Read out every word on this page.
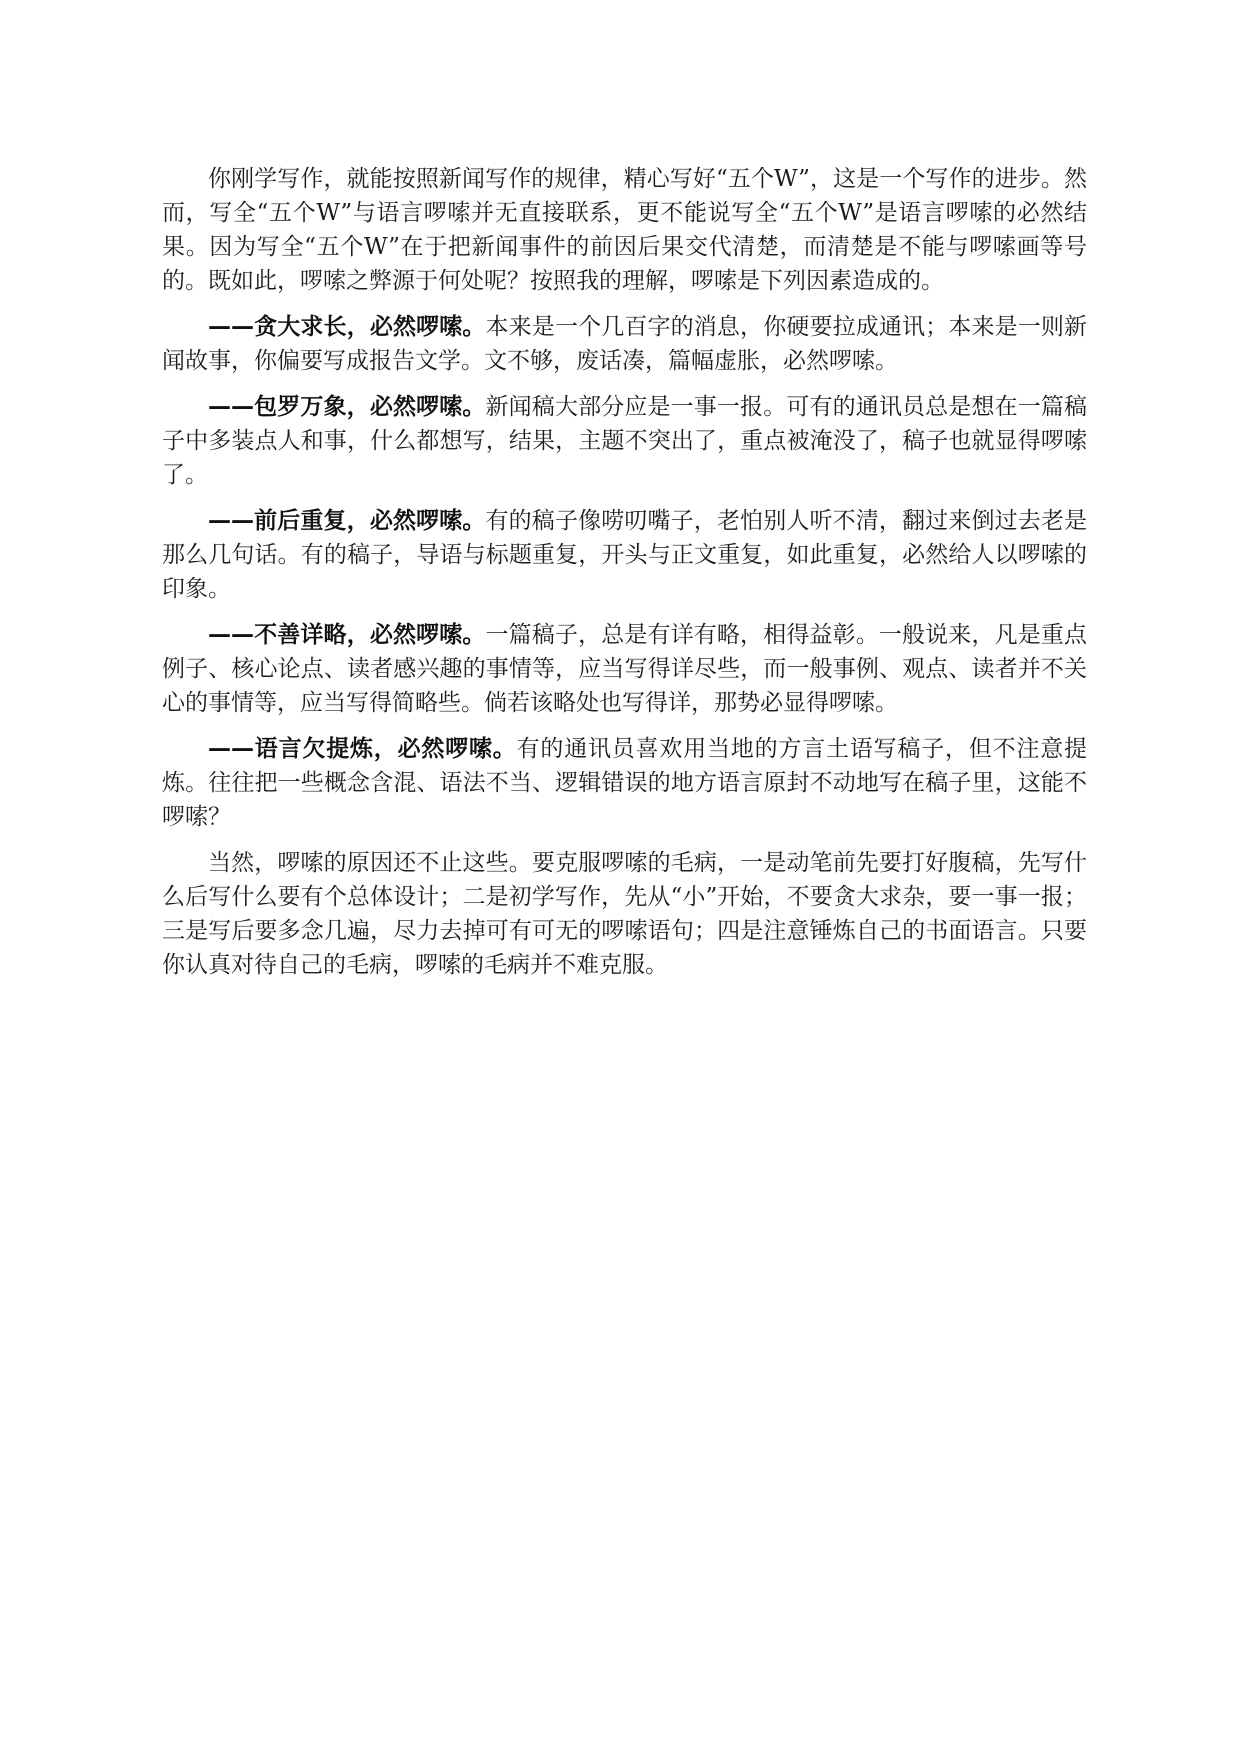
你刚学写作，就能按照新闻写作的规律，精心写好“五个W”，这是一个写作的进步。然而，写全“五个W”与语言啰嗦并无直接联系，更不能说写全“五个W”是语言啰嗦的必然结果。因为写全“五个W”在于把新闻事件的前因后果交代清楚，而清楚是不能与啰嗦画等号的。既如此，啰嗦之弊源于何处呢？按照我的理解，啰嗦是下列因素造成的。

——贪大求长，必然啰嗦。本来是一个几百字的消息，你硬要拉成通讯；本来是一则新闻故事，你偏要写成报告文学。文不够，废话凑，篇幅虚胀，必然啰嗦。

——包罗万象，必然啰嗦。新闻稿大部分应是一事一报。可有的通讯员总是想在一篇稿子中多装点人和事，什么都想写，结果，主题不突出了，重点被淹没了，稿子也就显得啰嗦了。

——前后重复，必然啰嗦。有的稿子像唠叨嘴子，老怕别人听不清，翻过来倒过去老是那么几句话。有的稿子，导语与标题重复，开头与正文重复，如此重复，必然给人以啰嗦的印象。

——不善详略，必然啰嗦。一篇稿子，总是有详有略，相得益彰。一般说来，凡是重点例子、核心论点、读者感兴趣的事情等，应当写得详尽些，而一般事例、观点、读者并不关心的事情等，应当写得简略些。倘若该略处也写得详，那势必显得啰嗦。

——语言欠提炼，必然啰嗦。有的通讯员喜欢用当地的方言土语写稿子，但不注意提炼。往往把一些概念含混、语法不当、逻辑错误的地方语言原封不动地写在稿子里，这能不啰嗦？

当然，啰嗦的原因还不止这些。要克服啰嗦的毛病，一是动笔前先要打好腹稿，先写什么后写什么要有个总体设计；二是初学写作，先从“小”开始，不要贪大求杂，要一事一报；三是写后要多念几遍，尽力去掉可有可无的啰嗦语句；四是注意锤炼自己的书面语言。只要你认真对待自己的毛病，啰嗦的毛病并不难克服。
